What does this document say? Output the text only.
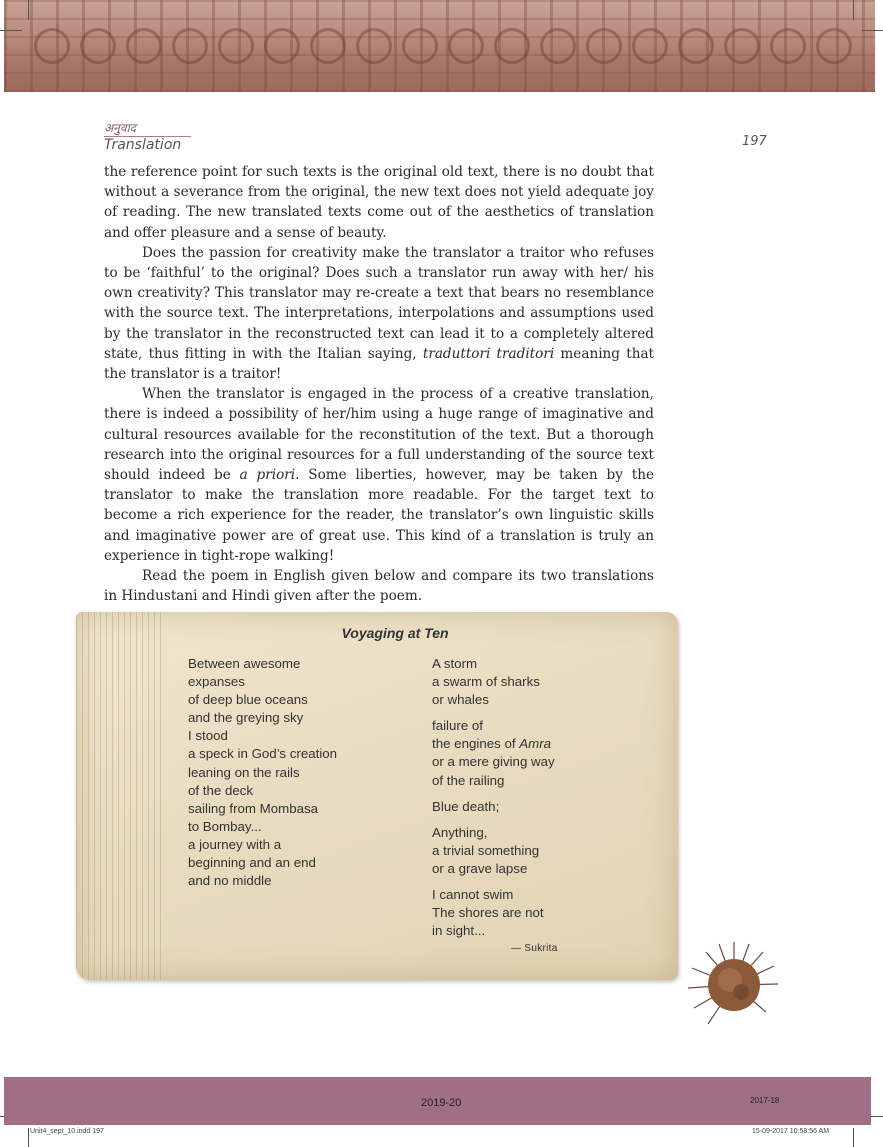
अनुवाद
Translation	197

the reference point for such texts is the original old text, there is no doubt that without a severance from the original, the new text does not yield adequate joy of reading. The new translated texts come out of the aesthetics of translation and offer pleasure and a sense of beauty.

Does the passion for creativity make the translator a traitor who refuses to be ‘faithful’ to the original? Does such a translator run away with her/ his own creativity? This translator may re-create a text that bears no resemblance with the source text. The interpretations, interpolations and assumptions used by the translator in the reconstructed text can lead it to a completely altered state, thus fitting in with the Italian saying, traduttori traditori meaning that the translator is a traitor!

When the translator is engaged in the process of a creative translation, there is indeed a possibility of her/him using a huge range of imaginative and cultural resources available for the reconstitution of the text. But a thorough research into the original resources for a full understanding of the source text should indeed be a priori. Some liberties, however, may be taken by the translator to make the translation more readable. For the target text to become a rich experience for the reader, the translator’s own linguistic skills and imaginative power are of great use. This kind of a translation is truly an experience in tight-rope walking!

Read the poem in English given below and compare its two translations in Hindustani and Hindi given after the poem.

Voyaging at Ten
Between awesome
expanses
of deep blue oceans
and the greying sky
I stood
a speck in God’s creation
leaning on the rails
of the deck
sailing from Mombasa
to Bombay...
a journey with a
beginning and an end
and no middle
A storm
a swarm of sharks
or whales
failure of
the engines of Amra
or a mere giving way
of the railing
Blue death;
Anything,
a trivial something
or a grave lapse
I cannot swim
The shores are not
in sight...
— Sukrita
2019-20	2017-18
Unit4_sept_10.indd 197	15-09-2017 10:58:56 AM
